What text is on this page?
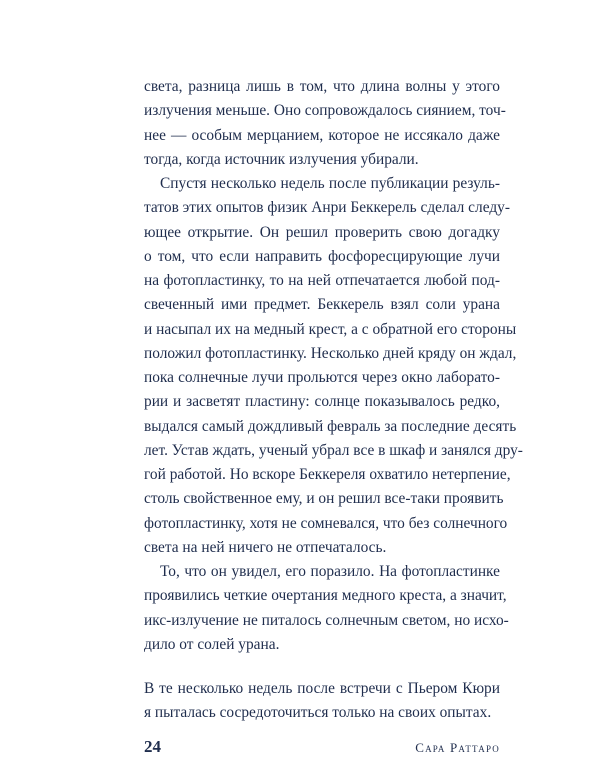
света, разница лишь в том, что длина волны у этого
излучения меньше. Оно сопровождалось сиянием, точ-
нее — особым мерцанием, которое не иссякало даже
тогда, когда источник излучения убирали.
Спустя несколько недель после публикации резуль-
татов этих опытов физик Анри Беккерель сделал следу-
ющее открытие. Он решил проверить свою догадку
о том, что если направить фосфоресцирующие лучи
на фотопластинку, то на ней отпечатается любой под-
свеченный ими предмет. Беккерель взял соли урана
и насыпал их на медный крест, а с обратной его стороны
положил фотопластинку. Несколько дней кряду он ждал,
пока солнечные лучи прольются через окно лаборато-
рии и засветят пластину: солнце показывалось редко,
выдался самый дождливый февраль за последние десять
лет. Устав ждать, ученый убрал все в шкаф и занялся дру-
гой работой. Но вскоре Беккереля охватило нетерпение,
столь свойственное ему, и он решил все-таки проявить
фотопластинку, хотя не сомневался, что без солнечного
света на ней ничего не отпечаталось.
То, что он увидел, его поразило. На фотопластинке
проявились четкие очертания медного креста, а значит,
икс-излучение не питалось солнечным светом, но исхо-
дило от солей урана.
В те несколько недель после встречи с Пьером Кюри
я пыталась сосредоточиться только на своих опытах.
24	Сара Раттаро
